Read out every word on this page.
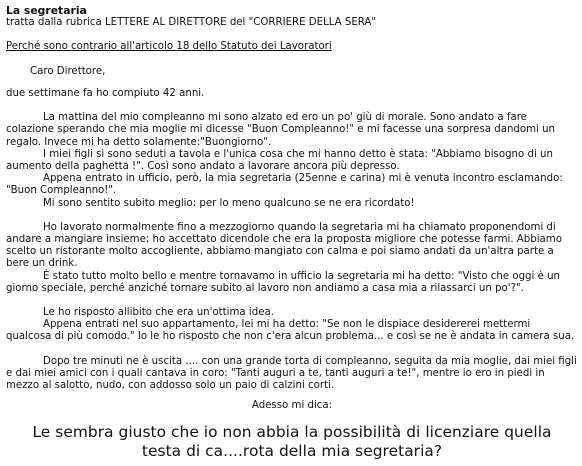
La segretaria

tratta dalla rubrica LETTERE AL DIRETTORE del "CORRIERE DELLA SERA"

Perché sono contrario all'articolo 18 dello Statuto dei Lavoratori

Caro Direttore,

due settimane fa ho compiuto 42 anni.

La mattina del mio compleanno mi sono alzato ed ero un po' giù di morale. Sono andato a fare colazione sperando che mia moglie mi dicesse "Buon Compleanno!" e mi facesse una sorpresa dandomi un regalo. Invece mi ha detto solamente:"Buongiorno".

I miei figli si sono seduti a tavola e l'unica cosa che mi hanno detto è stata: "Abbiamo bisogno di un aumento della paghetta !". Così sono andato a lavorare ancora più depresso.

Appena entrato in ufficio, però, la mia segretaria (25enne e carina) mi è venuta incontro esclamando: "Buon Compleanno!".

Mi sono sentito subito meglio: per lo meno qualcuno se ne era ricordato!

Ho lavorato normalmente fino a mezzogiorno quando la segretaria mi ha chiamato proponendomi di andare a mangiare insieme; ho accettato dicendole che era la proposta migliore che potesse farmi. Abbiamo scelto un ristorante molto accogliente, abbiamo mangiato con calma e poi siamo andati da un'altra parte a bere un drink.

È stato tutto molto bello e mentre tornavamo in ufficio la segretaria mi ha detto: "Visto che oggi è un giorno speciale, perché anziché tornare subito al lavoro non andiamo a casa mia a rilassarci un po'?".

Le ho risposto allibito che era un'ottima idea.

Appena entrati nel suo appartamento, lei mi ha detto: "Se non le dispiace desidererei mettermi qualcosa di più comodo." Io le ho risposto che non c'era alcun problema... e così se ne è andata in camera sua.

Dopo tre minuti ne è uscita .... con una grande torta di compleanno, seguita da mia moglie, dai miei figli e dai miei amici con i quali cantava in coro: "Tanti auguri a te, tanti auguri a te!", mentre io ero in piedi in mezzo al salotto, nudo, con addosso solo un paio di calzini corti.

Adesso mi dica:

Le sembra giusto che io non abbia la possibilità di licenziare quella

testa di ca....rota della mia segretaria?
